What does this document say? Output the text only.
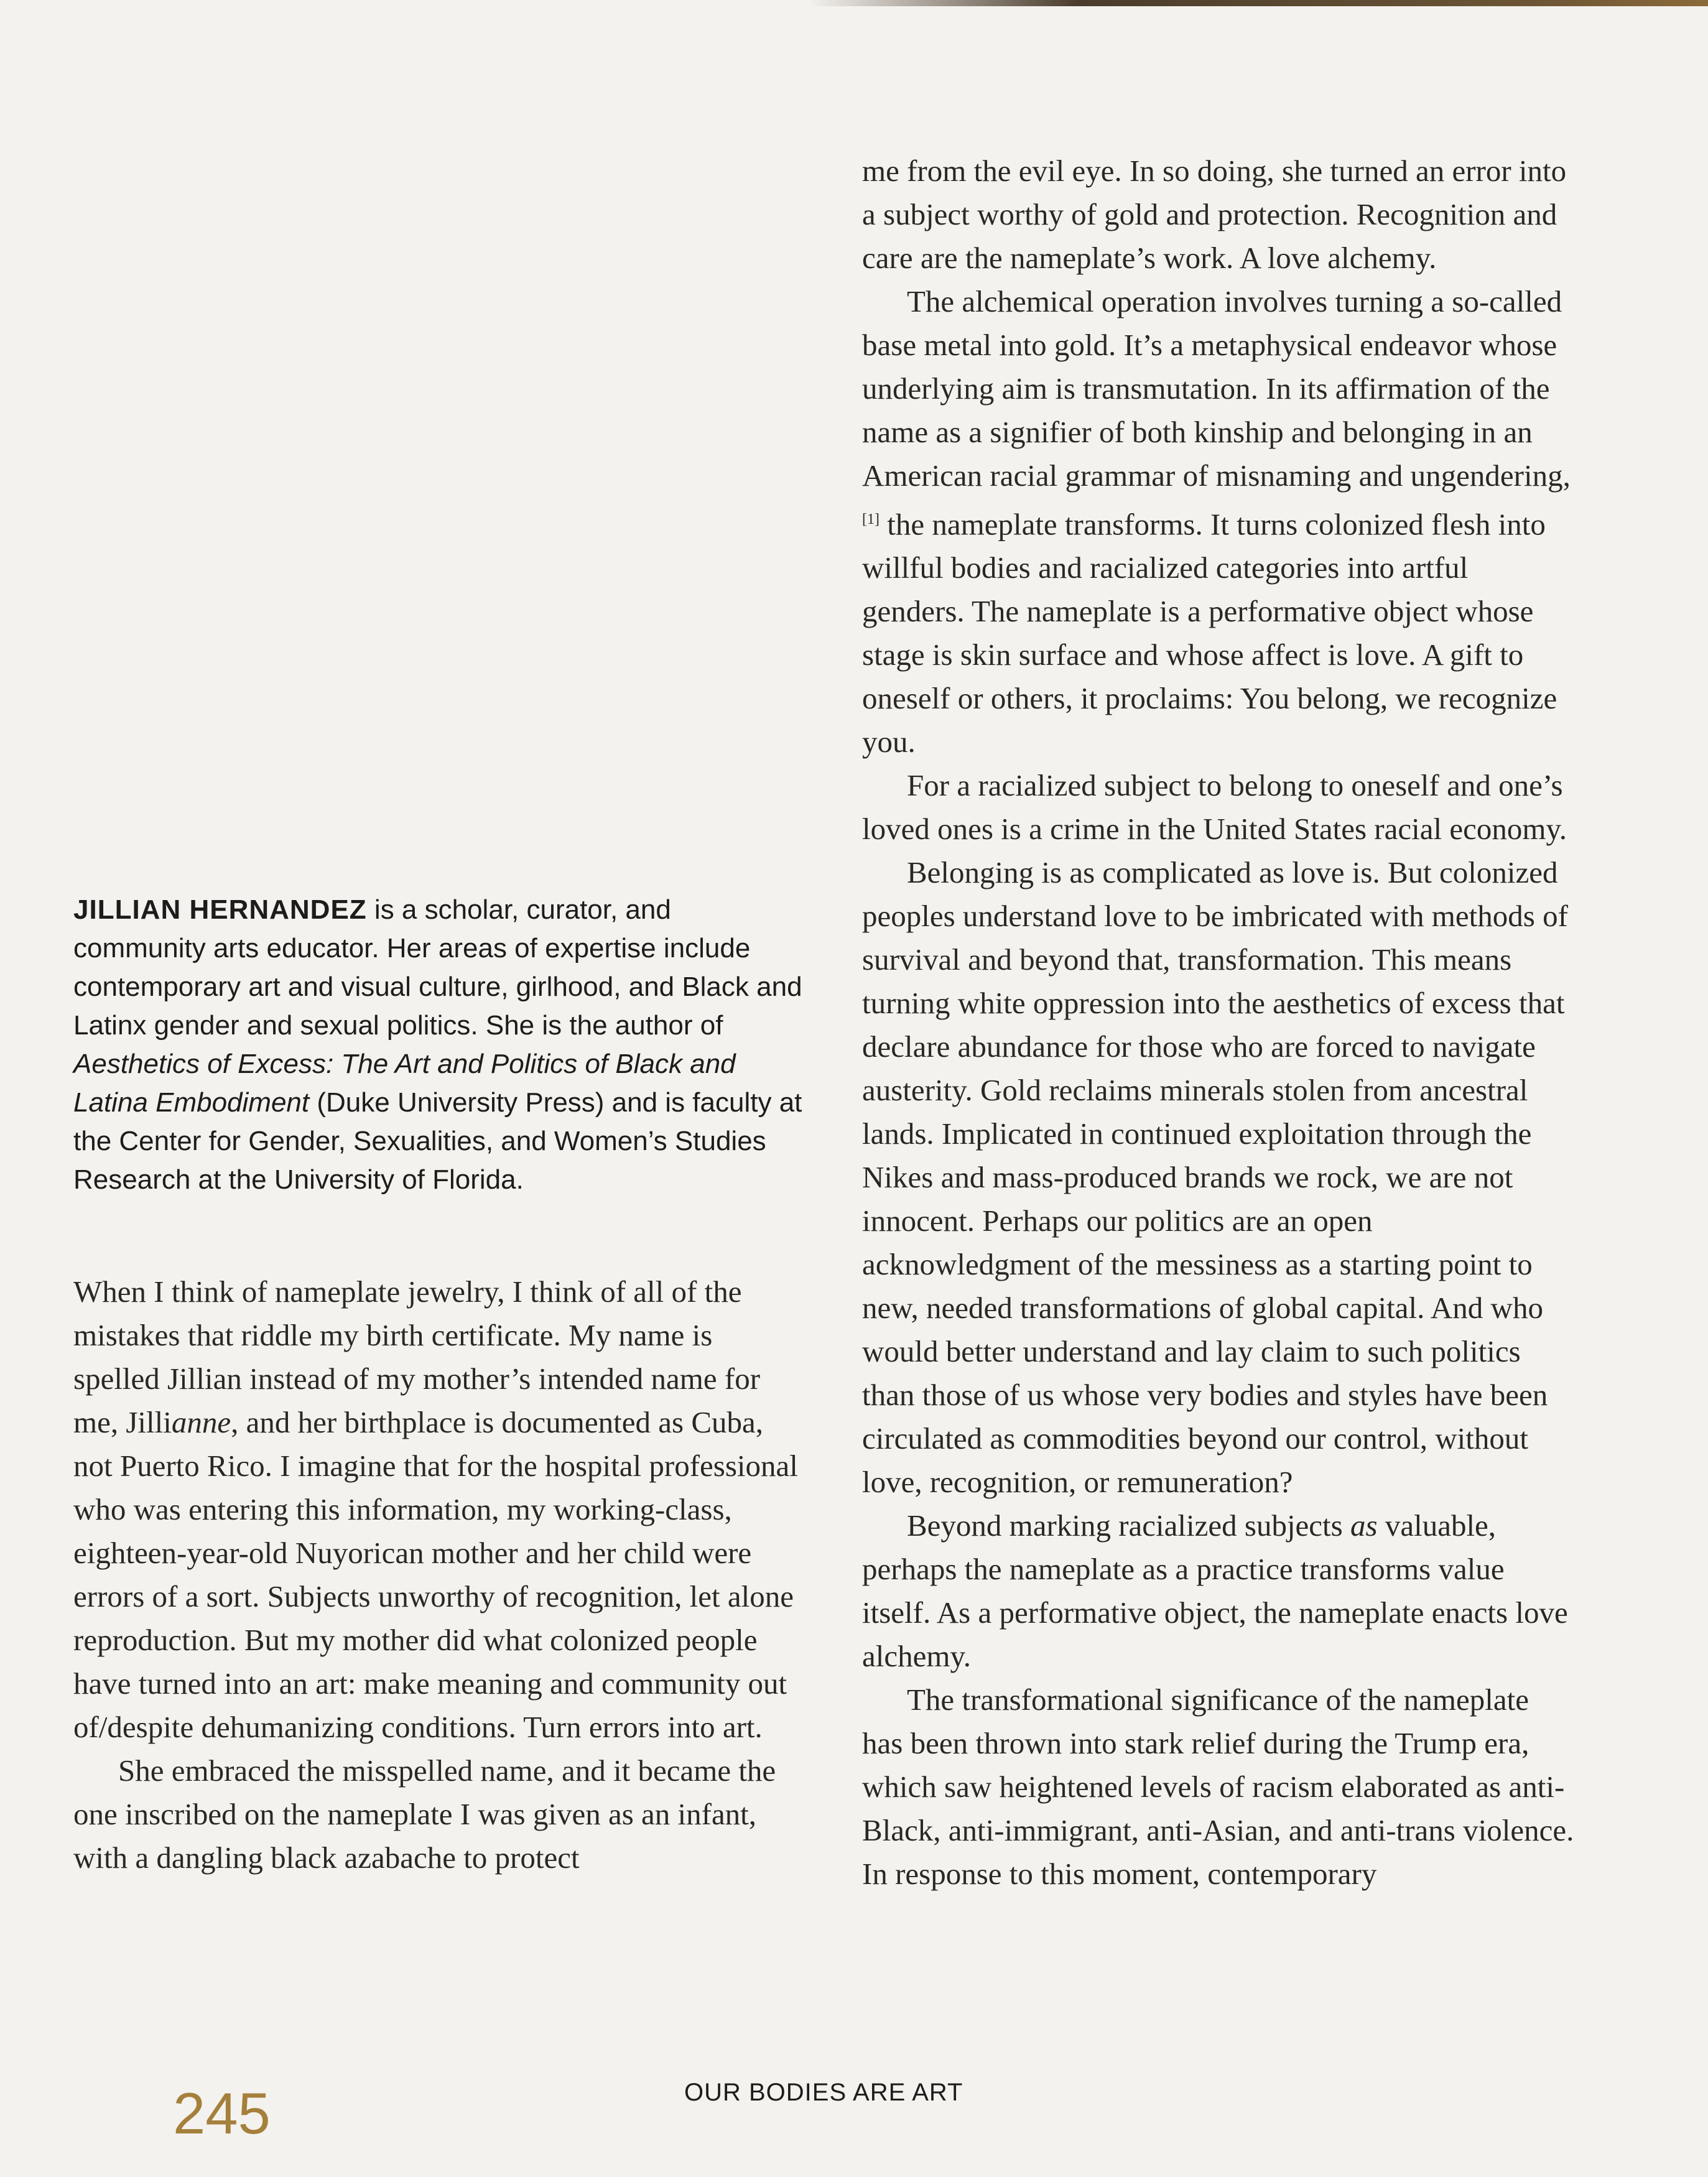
JILLIAN HERNANDEZ is a scholar, curator, and community arts educator. Her areas of expertise include contemporary art and visual culture, girlhood, and Black and Latinx gender and sexual politics. She is the author of Aesthetics of Excess: The Art and Politics of Black and Latina Embodiment (Duke University Press) and is faculty at the Center for Gender, Sexualities, and Women’s Studies Research at the University of Florida.

When I think of nameplate jewelry, I think of all of the mistakes that riddle my birth certificate. My name is spelled Jillian instead of my mother’s intended name for me, Jillianne, and her birthplace is documented as Cuba, not Puerto Rico. I imagine that for the hospital professional who was entering this information, my working-class, eighteen-year-old Nuyorican mother and her child were errors of a sort. Subjects unworthy of recognition, let alone reproduction. But my mother did what colonized people have turned into an art: make meaning and community out of/despite dehumanizing conditions. Turn errors into art.

She embraced the misspelled name, and it became the one inscribed on the nameplate I was given as an infant, with a dangling black azabache to protect

me from the evil eye. In so doing, she turned an error into a subject worthy of gold and protection. Recognition and care are the nameplate’s work. A love alchemy.

The alchemical operation involves turning a so-called base metal into gold. It’s a metaphysical endeavor whose underlying aim is transmutation. In its affirmation of the name as a signifier of both kinship and belonging in an American racial grammar of misnaming and ungendering,[1] the nameplate transforms. It turns colonized flesh into willful bodies and racialized categories into artful genders. The nameplate is a performative object whose stage is skin surface and whose affect is love. A gift to oneself or others, it proclaims: You belong, we recognize you.

For a racialized subject to belong to oneself and one’s loved ones is a crime in the United States racial economy.

Belonging is as complicated as love is. But colonized peoples understand love to be imbricated with methods of survival and beyond that, transformation. This means turning white oppression into the aesthetics of excess that declare abundance for those who are forced to navigate austerity. Gold reclaims minerals stolen from ancestral lands. Implicated in continued exploitation through the Nikes and mass-produced brands we rock, we are not innocent. Perhaps our politics are an open acknowledgment of the messiness as a starting point to new, needed transformations of global capital. And who would better understand and lay claim to such politics than those of us whose very bodies and styles have been circulated as commodities beyond our control, without love, recognition, or remuneration?

Beyond marking racialized subjects as valuable, perhaps the nameplate as a practice transforms value itself. As a performative object, the nameplate enacts love alchemy.

The transformational significance of the nameplate has been thrown into stark relief during the Trump era, which saw heightened levels of racism elaborated as anti-Black, anti-immigrant, anti-Asian, and anti-trans violence. In response to this moment, contemporary

245	OUR BODIES ARE ART
